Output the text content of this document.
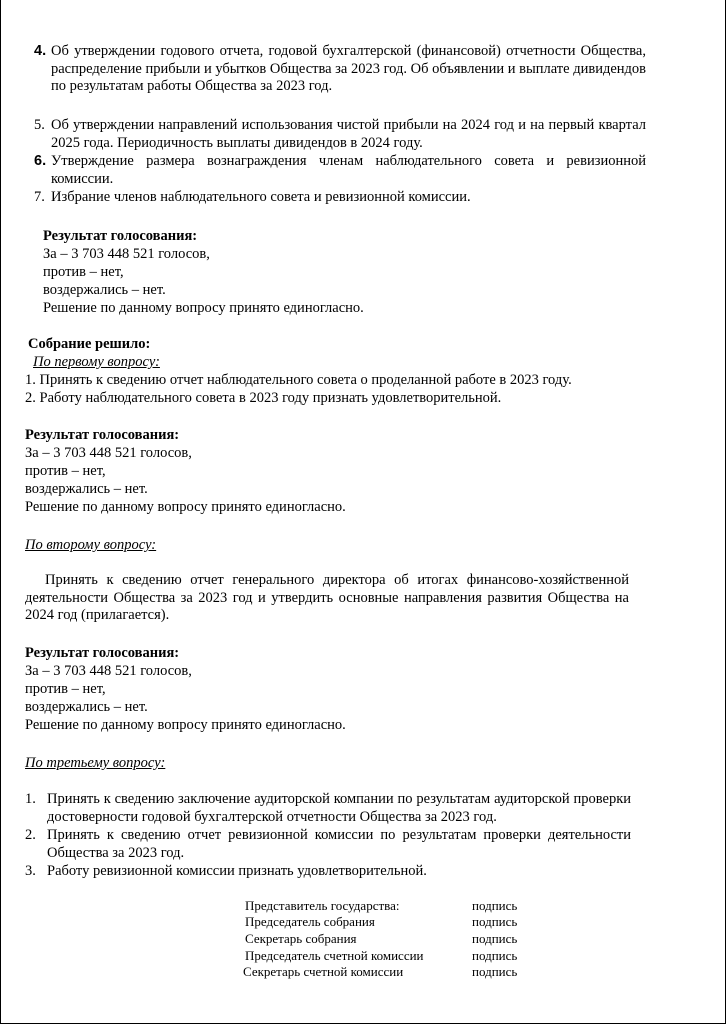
4. Об утверждении годового отчета, годовой бухгалтерской (финансовой) отчетности Общества, распределение прибыли и убытков Общества за 2023 год. Об объявлении и выплате дивидендов по результатам работы Общества за 2023 год.
5. Об утверждении направлений использования чистой прибыли на 2024 год и на первый квартал 2025 года. Периодичность выплаты дивидендов в 2024 году.
6. Утверждение размера вознаграждения членам наблюдательного совета и ревизионной комиссии.
7. Избрание членов наблюдательного совета и ревизионной комиссии.
Результат голосования:
За – 3 703 448 521 голосов,
против – нет,
воздержались – нет.
Решение по данному вопросу принято единогласно.
Собрание решило:
По первому вопросу:
1. Принять к сведению отчет наблюдательного совета о проделанной работе в 2023 году.
2. Работу наблюдательного совета в 2023 году признать удовлетворительной.
Результат голосования:
За – 3 703 448 521 голосов,
против – нет,
воздержались – нет.
Решение по данному вопросу принято единогласно.
По второму вопросу:
Принять к сведению отчет генерального директора об итогах финансово-хозяйственной деятельности Общества за 2023 год и утвердить основные направления развития Общества на 2024 год (прилагается).
Результат голосования:
За – 3 703 448 521 голосов,
против – нет,
воздержались – нет.
Решение по данному вопросу принято единогласно.
По третьему вопросу:
1. Принять к сведению заключение аудиторской компании по результатам аудиторской проверки достоверности годовой бухгалтерской отчетности Общества за 2023 год.
2. Принять к сведению отчет ревизионной комиссии по результатам проверки деятельности Общества за 2023 год.
3. Работу ревизионной комиссии признать удовлетворительной.
Представитель государства:	подпись
Председатель собрания	подпись
Секретарь собрания	подпись
Председатель счетной комиссии	подпись
Секретарь счетной комиссии	подпись
